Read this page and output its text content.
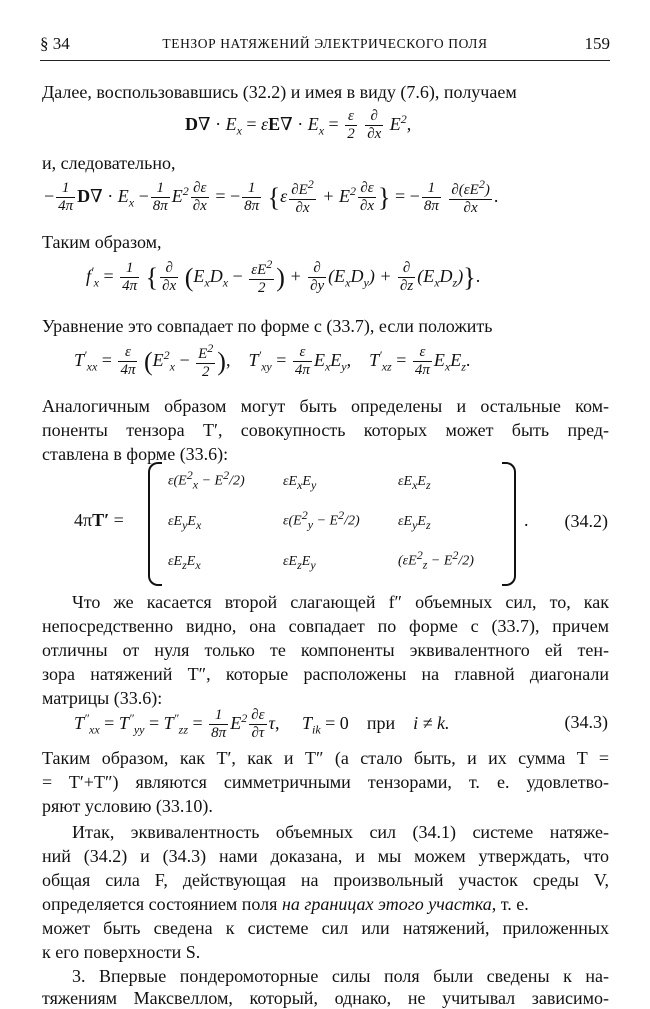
§ 34	ТЕНЗОР НАТЯЖЕНИЙ ЭЛЕКТРИЧЕСКОГО ПОЛЯ	159
Далее, воспользовавшись (32.2) и имея в виду (7.6), получаем
$D\nabla \cdot E_x = \varepsilon E\nabla \cdot E_x = \frac{\varepsilon}{2}$
$\frac{\partial}{\partial x} E^2$,
и, следовательно,
− $\frac{1}{4\pi} D\nabla \cdot E_x - \frac{1}{8\pi} E^2 \frac{\partial\varepsilon}{\partial x}$ = − $\frac{1}{8\pi} \{\varepsilon \frac{\partial E^2}{\partial x} + E^2 \frac{\partial\varepsilon}{\partial x}$ } = − $\frac{1}{8\pi}$
$\frac{\partial(\varepsilon E^2)}{\partial x}$ .
Таким образом,
$f'_x = \frac{1}{4\pi}$ { $\frac{\partial}{\partial x} (E_xD_x - \frac{\varepsilon E^2}{2}$ ) + $\frac{\partial}{\partial y} (E_xD_y) + \frac{\partial}{\partial z} (E_xD_z)$}.
Уравнение это совпадает по форме с (33.7), если положить
$T'_{xx} = \frac{\varepsilon}{4\pi} (E^2_x - \frac{E^2}{2}$ ),    $T'_{xy} = \frac{\varepsilon}{4\pi} E_xE_y$,    $T'_{xz} = \frac{\varepsilon}{4\pi} E_xE_z$.
Аналогичным образом могут быть определены и остальные ком-
поненты тензора T′, совокупность которых может быть пред-
ставлена в форме (33.6):
4πT′ =
$\varepsilon(E^2_x - E^2/2)$	$\varepsilon E_xE_y$	$\varepsilon E_xE_z$
$\varepsilon E_yE_x$	$\varepsilon(E^2_y - E^2/2)$	$\varepsilon E_yE_z$
$\varepsilon E_zE_x$	$\varepsilon E_zE_y$	$(\varepsilon E^2_z - E^2/2)$
. (34.2)
Что же касается второй слагающей f″ объемных сил, то, как
непосредственно видно, она совпадает по форме с (33.7), причем
отличны от нуля только те компоненты эквивалентного ей тен-
зора натяжений T″, которые расположены на главной диагонали
матрицы (33.6):
$T''_{xx} = T''_{yy} = T''_{zz} = \frac{1}{8\pi} E^2 \frac{\partial\varepsilon}{\partial\tau} \tau$,     $T_{ik} = 0$ при i ≠ k.	(34.3)
Таким образом, как T′, как и T″ (а стало быть, и их сумма T =
= T′+T″) являются симметричными тензорами, т. е. удовлетво-
ряют условию (33.10).
Итак, эквивалентность объемных сил (34.1) системе натяже-
ний (34.2) и (34.3) нами доказана, и мы можем утверждать, что
общая сила F, действующая на произвольный участок среды V,
определяется состоянием поля на границах этого участка, т. е.
может быть сведена к системе сил или натяжений, приложенных
к его поверхности S.
3. Впервые пондеромоторные силы поля были сведены к на-
тяжениям Максвеллом, который, однако, не учитывал зависимо-
